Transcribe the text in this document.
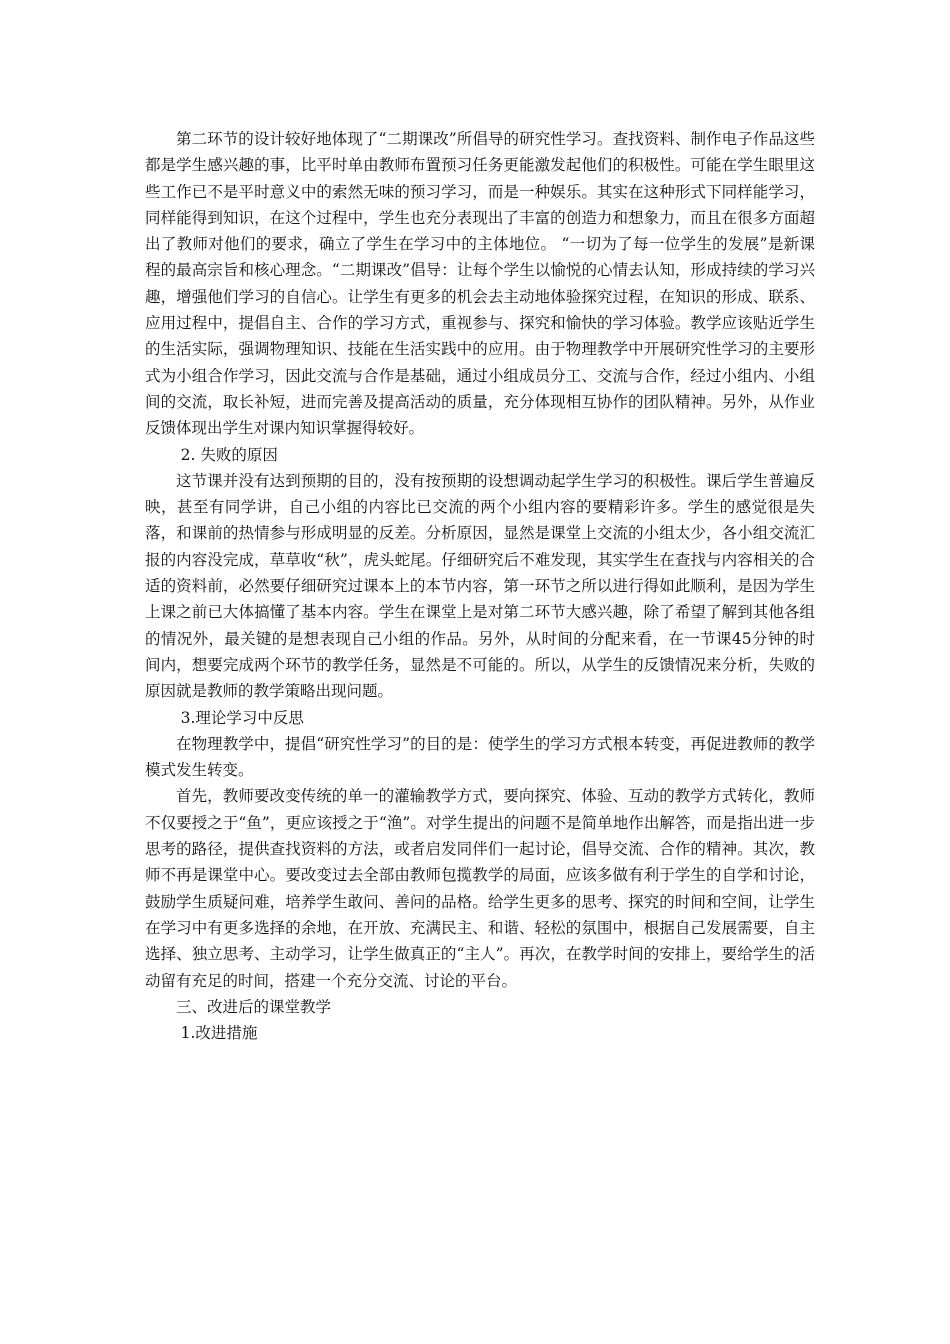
第二环节的设计较好地体现了“二期课改”所倡导的研究性学习。查找资料、制作电子作品这些都是学生感兴趣的事，比平时单由教师布置预习任务更能激发起他们的积极性。可能在学生眼里这些工作已不是平时意义中的索然无味的预习学习，而是一种娱乐。其实在这种形式下同样能学习，同样能得到知识，在这个过程中，学生也充分表现出了丰富的创造力和想象力，而且在很多方面超出了教师对他们的要求，确立了学生在学习中的主体地位。 “一切为了每一位学生的发展”是新课程的最高宗旨和核心理念。“二期课改”倡导：让每个学生以愉悦的心情去认知，形成持续的学习兴趣，增强他们学习的自信心。让学生有更多的机会去主动地体验探究过程，在知识的形成、联系、应用过程中，提倡自主、合作的学习方式，重视参与、探究和愉快的学习体验。教学应该贴近学生的生活实际，强调物理知识、技能在生活实践中的应用。由于物理教学中开展研究性学习的主要形式为小组合作学习，因此交流与合作是基础，通过小组成员分工、交流与合作，经过小组内、小组间的交流，取长补短，进而完善及提高活动的质量，充分体现相互协作的团队精神。另外，从作业反馈体现出学生对课内知识掌握得较好。

2. 失败的原因

这节课并没有达到预期的目的，没有按预期的设想调动起学生学习的积极性。课后学生普遍反映，甚至有同学讲，自己小组的内容比已交流的两个小组内容的要精彩许多。学生的感觉很是失落，和课前的热情参与形成明显的反差。分析原因，显然是课堂上交流的小组太少，各小组交流汇报的内容没完成，草草收“秋”，虎头蛇尾。仔细研究后不难发现，其实学生在查找与内容相关的合适的资料前，必然要仔细研究过课本上的本节内容，第一环节之所以进行得如此顺利，是因为学生上课之前已大体搞懂了基本内容。学生在课堂上是对第二环节大感兴趣，除了希望了解到其他各组的情况外，最关键的是想表现自己小组的作品。另外，从时间的分配来看，在一节课45分钟的时间内，想要完成两个环节的教学任务，显然是不可能的。所以，从学生的反馈情况来分析，失败的原因就是教师的教学策略出现问题。

3.理论学习中反思

在物理教学中，提倡“研究性学习”的目的是：使学生的学习方式根本转变，再促进教师的教学模式发生转变。

首先，教师要改变传统的单一的灌输教学方式，要向探究、体验、互动的教学方式转化，教师不仅要授之于“鱼”，更应该授之于“渔”。对学生提出的问题不是简单地作出解答，而是指出进一步思考的路径，提供查找资料的方法，或者启发同伴们一起讨论，倡导交流、合作的精神。其次，教师不再是课堂中心。要改变过去全部由教师包揽教学的局面，应该多做有利于学生的自学和讨论，鼓励学生质疑问难，培养学生敢问、善问的品格。给学生更多的思考、探究的时间和空间，让学生在学习中有更多选择的余地，在开放、充满民主、和谐、轻松的氛围中，根据自己发展需要，自主选择、独立思考、主动学习，让学生做真正的“主人”。再次，在教学时间的安排上，要给学生的活动留有充足的时间，搭建一个充分交流、讨论的平台。

三、改进后的课堂教学

1.改进措施
